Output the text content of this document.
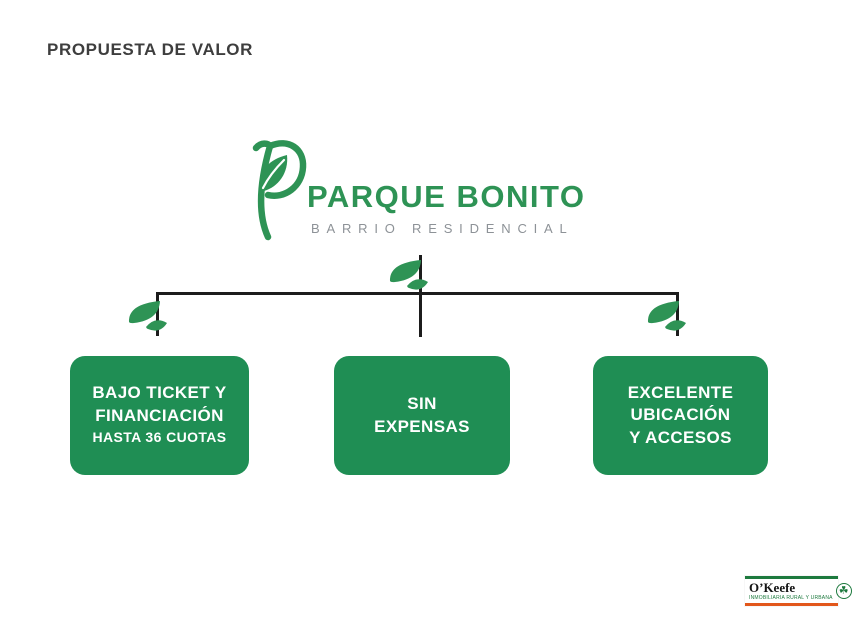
PROPUESTA DE VALOR
PARQUE BONITO
BARRIO RESIDENCIAL
BAJO TICKET Y
FINANCIACIÓN
HASTA 36 CUOTAS
SIN
EXPENSAS
EXCELENTE
UBICACIÓN
Y ACCESOS
O’Keefe
INMOBILIARIA RURAL Y URBANA
☘
